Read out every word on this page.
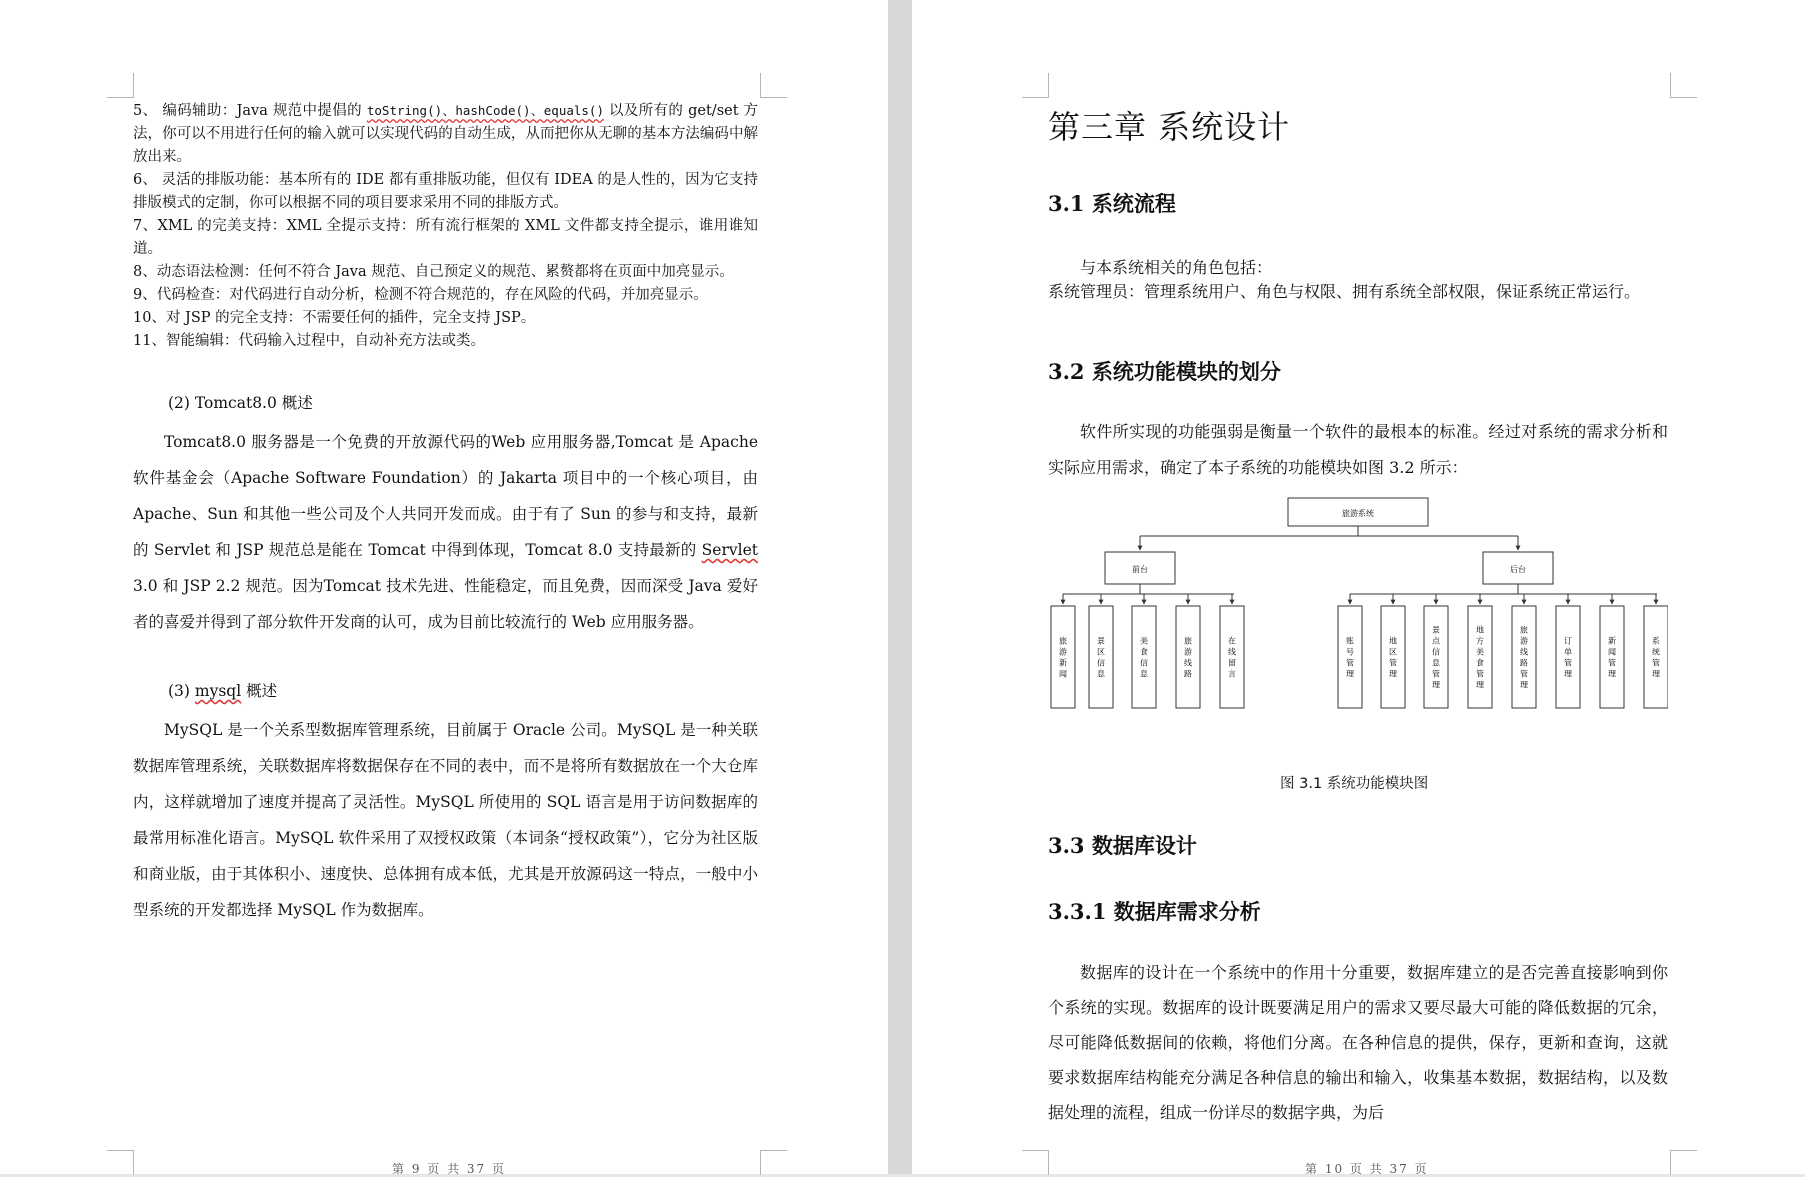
5、 编码辅助：Java 规范中提倡的 toString()、hashCode()、equals() 以及所有的 get/set 方法，你可以不用进行任何的输入就可以实现代码的自动生成，从而把你从无聊的基本方法编码中解放出来。

6、 灵活的排版功能：基本所有的 IDE 都有重排版功能，但仅有 IDEA 的是人性的，因为它支持排版模式的定制，你可以根据不同的项目要求采用不同的排版方式。

7、XML 的完美支持：XML 全提示支持：所有流行框架的 XML 文件都支持全提示，谁用谁知道。

8、动态语法检测：任何不符合 Java 规范、自己预定义的规范、累赘都将在页面中加亮显示。

9、代码检查：对代码进行自动分析，检测不符合规范的，存在风险的代码，并加亮显示。

10、对 JSP 的完全支持：不需要任何的插件，完全支持 JSP。

11、智能编辑：代码输入过程中，自动补充方法或类。

(2) Tomcat8.0 概述

Tomcat8.0 服务器是一个免费的开放源代码的Web 应用服务器,Tomcat 是 Apache 软件基金会（Apache Software Foundation）的 Jakarta 项目中的一个核心项目，由 Apache、Sun 和其他一些公司及个人共同开发而成。由于有了 Sun 的参与和支持，最新的 Servlet 和 JSP 规范总是能在 Tomcat 中得到体现，Tomcat 8.0 支持最新的 Servlet 3.0 和 JSP 2.2 规范。因为Tomcat 技术先进、性能稳定，而且免费，因而深受 Java 爱好者的喜爱并得到了部分软件开发商的认可，成为目前比较流行的 Web 应用服务器。

(3) mysql 概述

MySQL 是一个关系型数据库管理系统，目前属于 Oracle 公司。MySQL 是一种关联数据库管理系统，关联数据库将数据保存在不同的表中，而不是将所有数据放在一个大仓库内，这样就增加了速度并提高了灵活性。MySQL 所使用的 SQL 语言是用于访问数据库的最常用标准化语言。MySQL 软件采用了双授权政策（本词条“授权政策”），它分为社区版和商业版，由于其体积小、速度快、总体拥有成本低，尤其是开放源码这一特点，一般中小型系统的开发都选择 MySQL 作为数据库。

第 9 页 共 37 页
第三章 系统设计
3.1 系统流程

与本系统相关的角色包括：

系统管理员：管理系统用户、角色与权限、拥有系统全部权限，保证系统正常运行。

3.2 系统功能模块的划分

软件所实现的功能强弱是衡量一个软件的最根本的标准。经过对系统的需求分析和实际应用需求，确定了本子系统的功能模块如图 3.2 所示：

旅游系统
前台	后台
旅
游
新
闻
景
区
信
息
美
食
信
息
旅
游
线
路
在
线
留
言
账
号
管
理
地
区
管
理
景
点
信
息
管
理
地
方
美
食
管
理
旅
游
线
路
管
理
订
单
管
理
新
闻
管
理
系
统
管
理
图 3.1 系统功能模块图
3.3 数据库设计
3.3.1 数据库需求分析

数据库的设计在一个系统中的作用十分重要，数据库建立的是否完善直接影响到你个系统的实现。数据库的设计既要满足用户的需求又要尽最大可能的降低数据的冗余，尽可能降低数据间的依赖，将他们分离。在各种信息的提供，保存，更新和查询，这就要求数据库结构能充分满足各种信息的输出和输入，收集基本数据，数据结构，以及数据处理的流程，组成一份详尽的数据字典，为后

第 10 页 共 37 页
